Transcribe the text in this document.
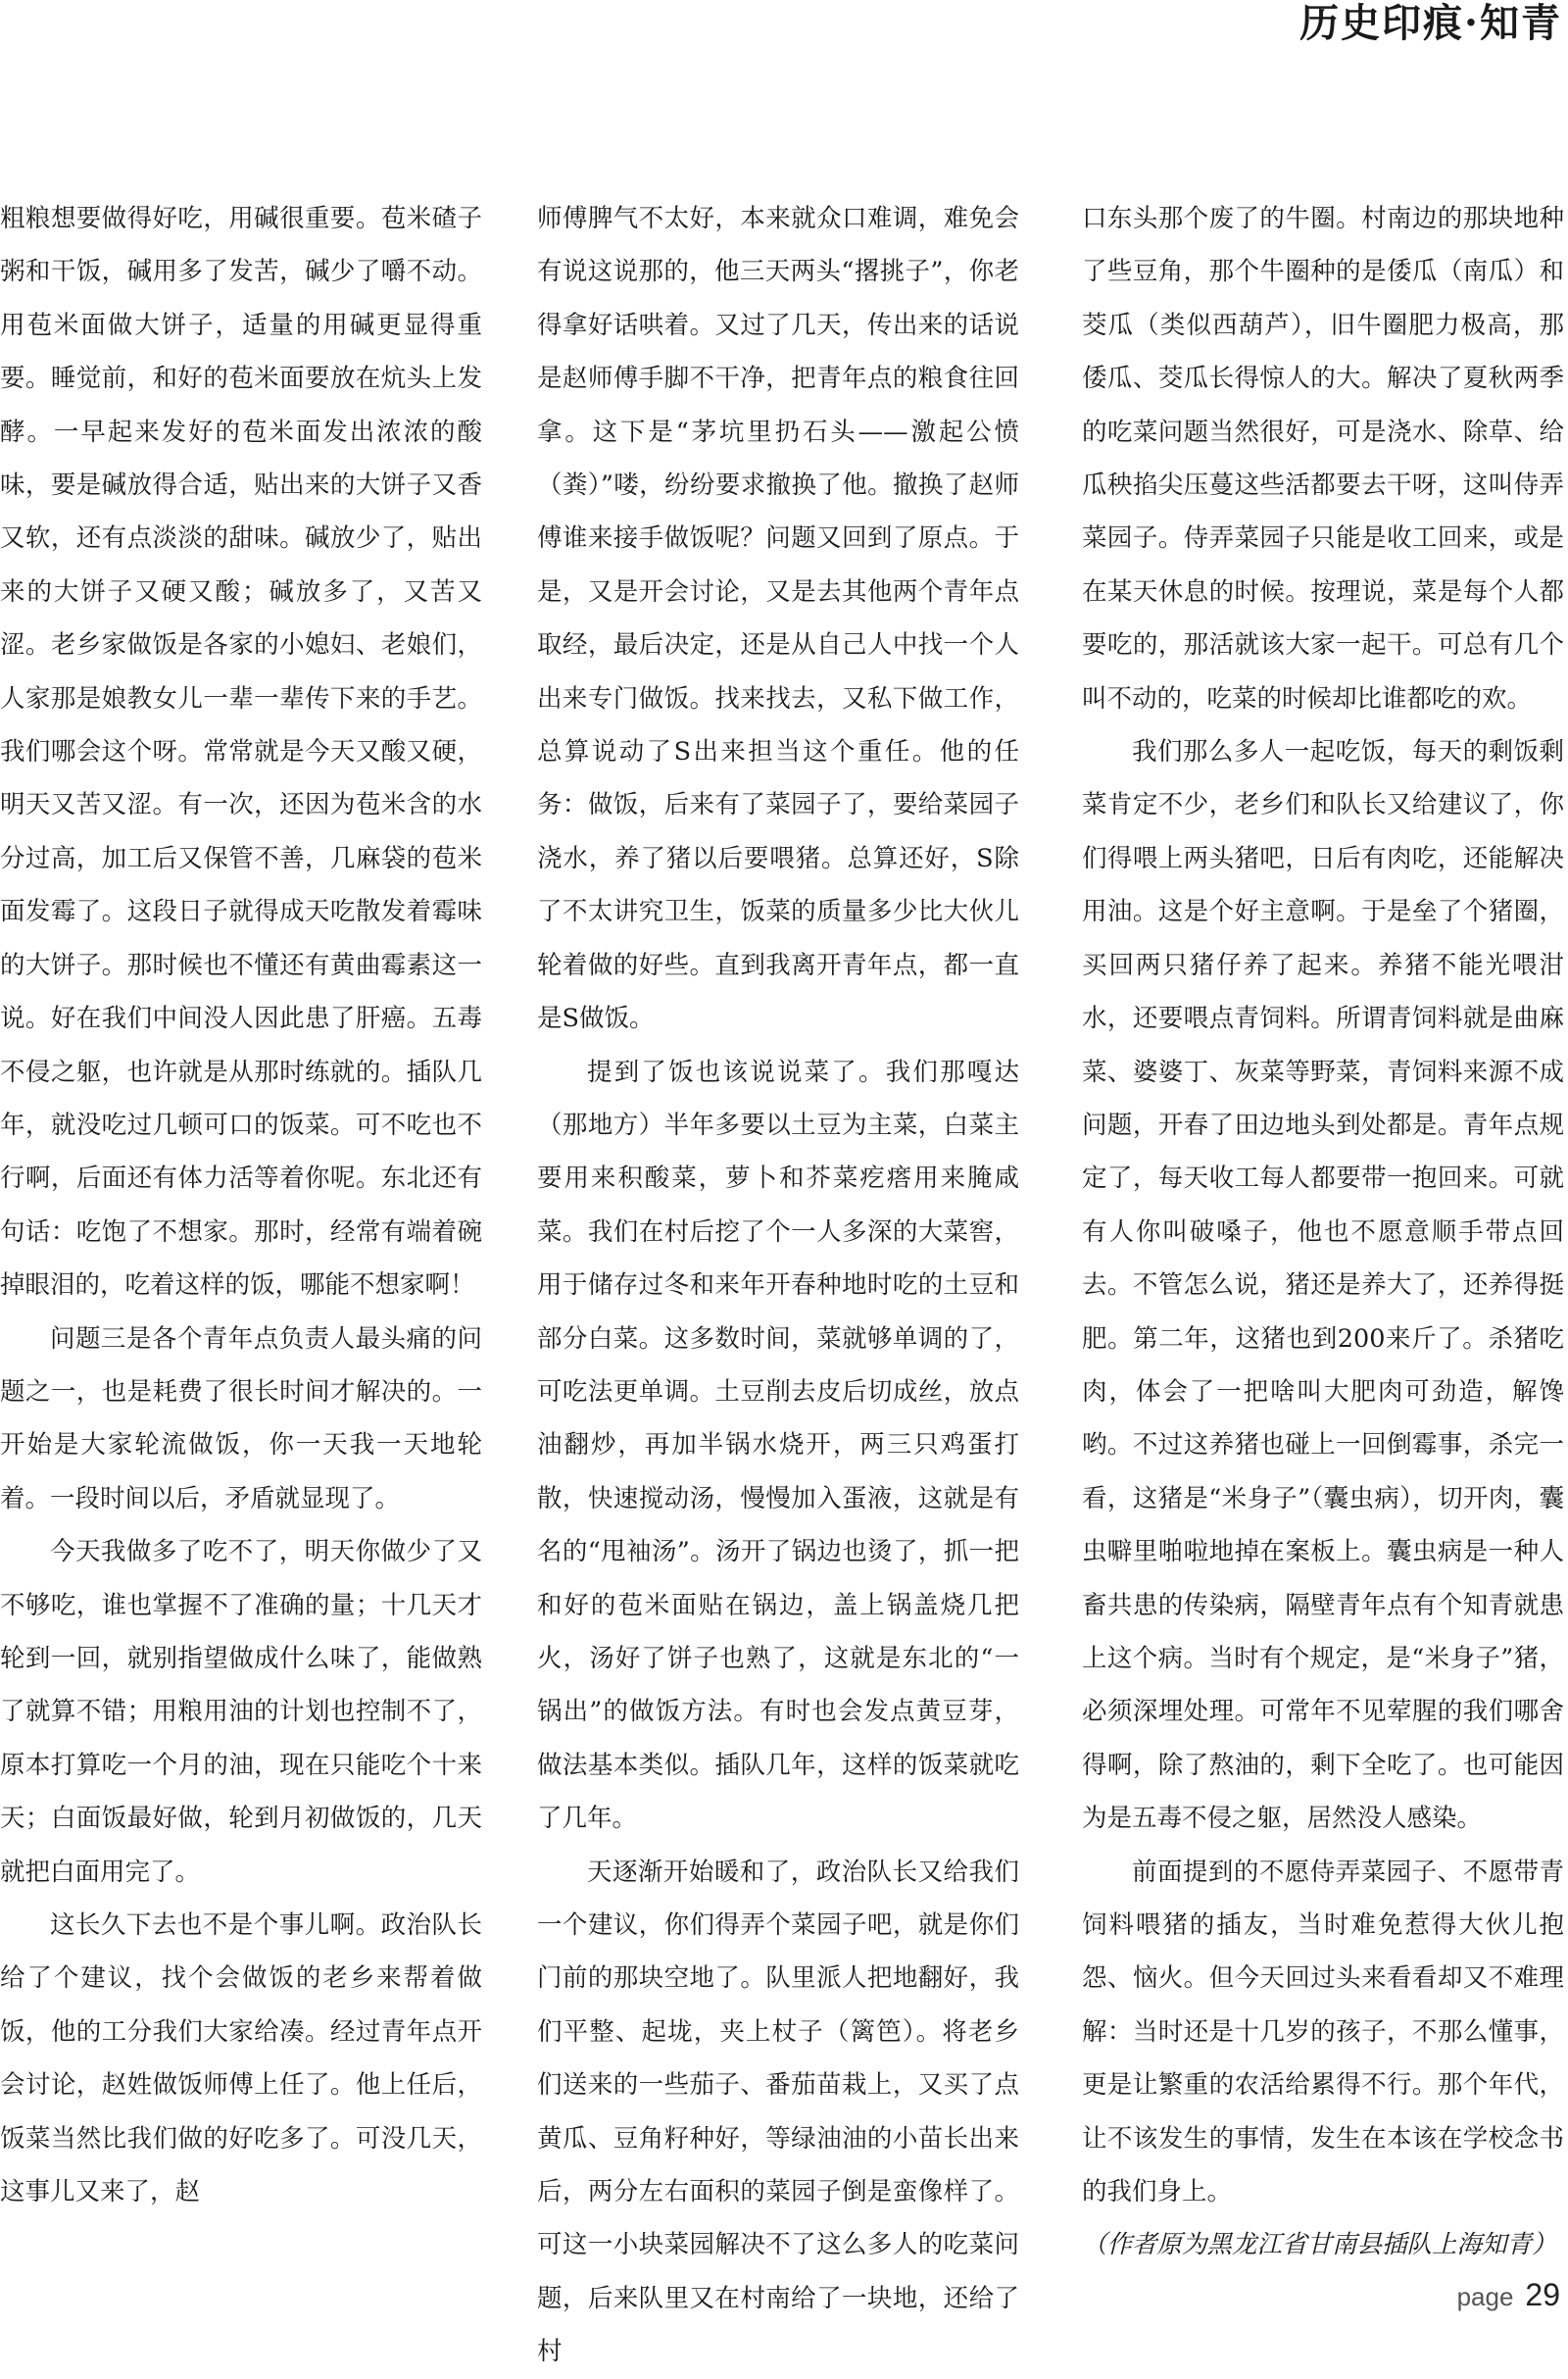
历史印痕·知青

粗粮想要做得好吃，用碱很重要。苞米碴子粥和干饭，碱用多了发苦，碱少了嚼不动。用苞米面做大饼子，适量的用碱更显得重要。睡觉前，和好的苞米面要放在炕头上发酵。一早起来发好的苞米面发出浓浓的酸味，要是碱放得合适，贴出来的大饼子又香又软，还有点淡淡的甜味。碱放少了，贴出来的大饼子又硬又酸；碱放多了，又苦又涩。老乡家做饭是各家的小媳妇、老娘们，人家那是娘教女儿一辈一辈传下来的手艺。我们哪会这个呀。常常就是今天又酸又硬，明天又苦又涩。有一次，还因为苞米含的水分过高，加工后又保管不善，几麻袋的苞米面发霉了。这段日子就得成天吃散发着霉味的大饼子。那时候也不懂还有黄曲霉素这一说。好在我们中间没人因此患了肝癌。五毒不侵之躯，也许就是从那时练就的。插队几年，就没吃过几顿可口的饭菜。可不吃也不行啊，后面还有体力活等着你呢。东北还有句话：吃饱了不想家。那时，经常有端着碗掉眼泪的，吃着这样的饭，哪能不想家啊！

问题三是各个青年点负责人最头痛的问题之一，也是耗费了很长时间才解决的。一开始是大家轮流做饭，你一天我一天地轮着。一段时间以后，矛盾就显现了。

今天我做多了吃不了，明天你做少了又不够吃，谁也掌握不了准确的量；十几天才轮到一回，就别指望做成什么味了，能做熟了就算不错；用粮用油的计划也控制不了，原本打算吃一个月的油，现在只能吃个十来天；白面饭最好做，轮到月初做饭的，几天就把白面用完了。

这长久下去也不是个事儿啊。政治队长给了个建议，找个会做饭的老乡来帮着做饭，他的工分我们大家给凑。经过青年点开会讨论，赵姓做饭师傅上任了。他上任后，饭菜当然比我们做的好吃多了。可没几天，这事儿又来了，赵

师傅脾气不太好，本来就众口难调，难免会有说这说那的，他三天两头“撂挑子”，你老得拿好话哄着。又过了几天，传出来的话说是赵师傅手脚不干净，把青年点的粮食往回拿。这下是“茅坑里扔石头——激起公愤（粪）”喽，纷纷要求撤换了他。撤换了赵师傅谁来接手做饭呢？问题又回到了原点。于是，又是开会讨论，又是去其他两个青年点取经，最后决定，还是从自己人中找一个人出来专门做饭。找来找去，又私下做工作，总算说动了S出来担当这个重任。他的任务：做饭，后来有了菜园子了，要给菜园子浇水，养了猪以后要喂猪。总算还好，S除了不太讲究卫生，饭菜的质量多少比大伙儿轮着做的好些。直到我离开青年点，都一直是S做饭。

提到了饭也该说说菜了。我们那嘎达（那地方）半年多要以土豆为主菜，白菜主要用来积酸菜，萝卜和芥菜疙瘩用来腌咸菜。我们在村后挖了个一人多深的大菜窖，用于储存过冬和来年开春种地时吃的土豆和部分白菜。这多数时间，菜就够单调的了，可吃法更单调。土豆削去皮后切成丝，放点油翻炒，再加半锅水烧开，两三只鸡蛋打散，快速搅动汤，慢慢加入蛋液，这就是有名的“甩袖汤”。汤开了锅边也烫了，抓一把和好的苞米面贴在锅边，盖上锅盖烧几把火，汤好了饼子也熟了，这就是东北的“一锅出”的做饭方法。有时也会发点黄豆芽，做法基本类似。插队几年，这样的饭菜就吃了几年。

天逐渐开始暖和了，政治队长又给我们一个建议，你们得弄个菜园子吧，就是你们门前的那块空地了。队里派人把地翻好，我们平整、起垅，夹上杖子（篱笆）。将老乡们送来的一些茄子、番茄苗栽上，又买了点黄瓜、豆角籽种好，等绿油油的小苗长出来后，两分左右面积的菜园子倒是蛮像样了。可这一小块菜园解决不了这么多人的吃菜问题，后来队里又在村南给了一块地，还给了村

口东头那个废了的牛圈。村南边的那块地种了些豆角，那个牛圈种的是倭瓜（南瓜）和茭瓜（类似西葫芦），旧牛圈肥力极高，那倭瓜、茭瓜长得惊人的大。解决了夏秋两季的吃菜问题当然很好，可是浇水、除草、给瓜秧掐尖压蔓这些活都要去干呀，这叫侍弄菜园子。侍弄菜园子只能是收工回来，或是在某天休息的时候。按理说，菜是每个人都要吃的，那活就该大家一起干。可总有几个叫不动的，吃菜的时候却比谁都吃的欢。

我们那么多人一起吃饭，每天的剩饭剩菜肯定不少，老乡们和队长又给建议了，你们得喂上两头猪吧，日后有肉吃，还能解决用油。这是个好主意啊。于是垒了个猪圈，买回两只猪仔养了起来。养猪不能光喂泔水，还要喂点青饲料。所谓青饲料就是曲麻菜、婆婆丁、灰菜等野菜，青饲料来源不成问题，开春了田边地头到处都是。青年点规定了，每天收工每人都要带一抱回来。可就有人你叫破嗓子，他也不愿意顺手带点回去。不管怎么说，猪还是养大了，还养得挺肥。第二年，这猪也到200来斤了。杀猪吃肉，体会了一把啥叫大肥肉可劲造，解馋哟。不过这养猪也碰上一回倒霉事，杀完一看，这猪是“米身子”（囊虫病），切开肉，囊虫噼里啪啦地掉在案板上。囊虫病是一种人畜共患的传染病，隔壁青年点有个知青就患上这个病。当时有个规定，是“米身子”猪，必须深埋处理。可常年不见荤腥的我们哪舍得啊，除了熬油的，剩下全吃了。也可能因为是五毒不侵之躯，居然没人感染。

前面提到的不愿侍弄菜园子、不愿带青饲料喂猪的插友，当时难免惹得大伙儿抱怨、恼火。但今天回过头来看看却又不难理解：当时还是十几岁的孩子，不那么懂事，更是让繁重的农活给累得不行。那个年代，让不该发生的事情，发生在本该在学校念书的我们身上。

（作者原为黑龙江省甘南县插队上海知青）

page 29
